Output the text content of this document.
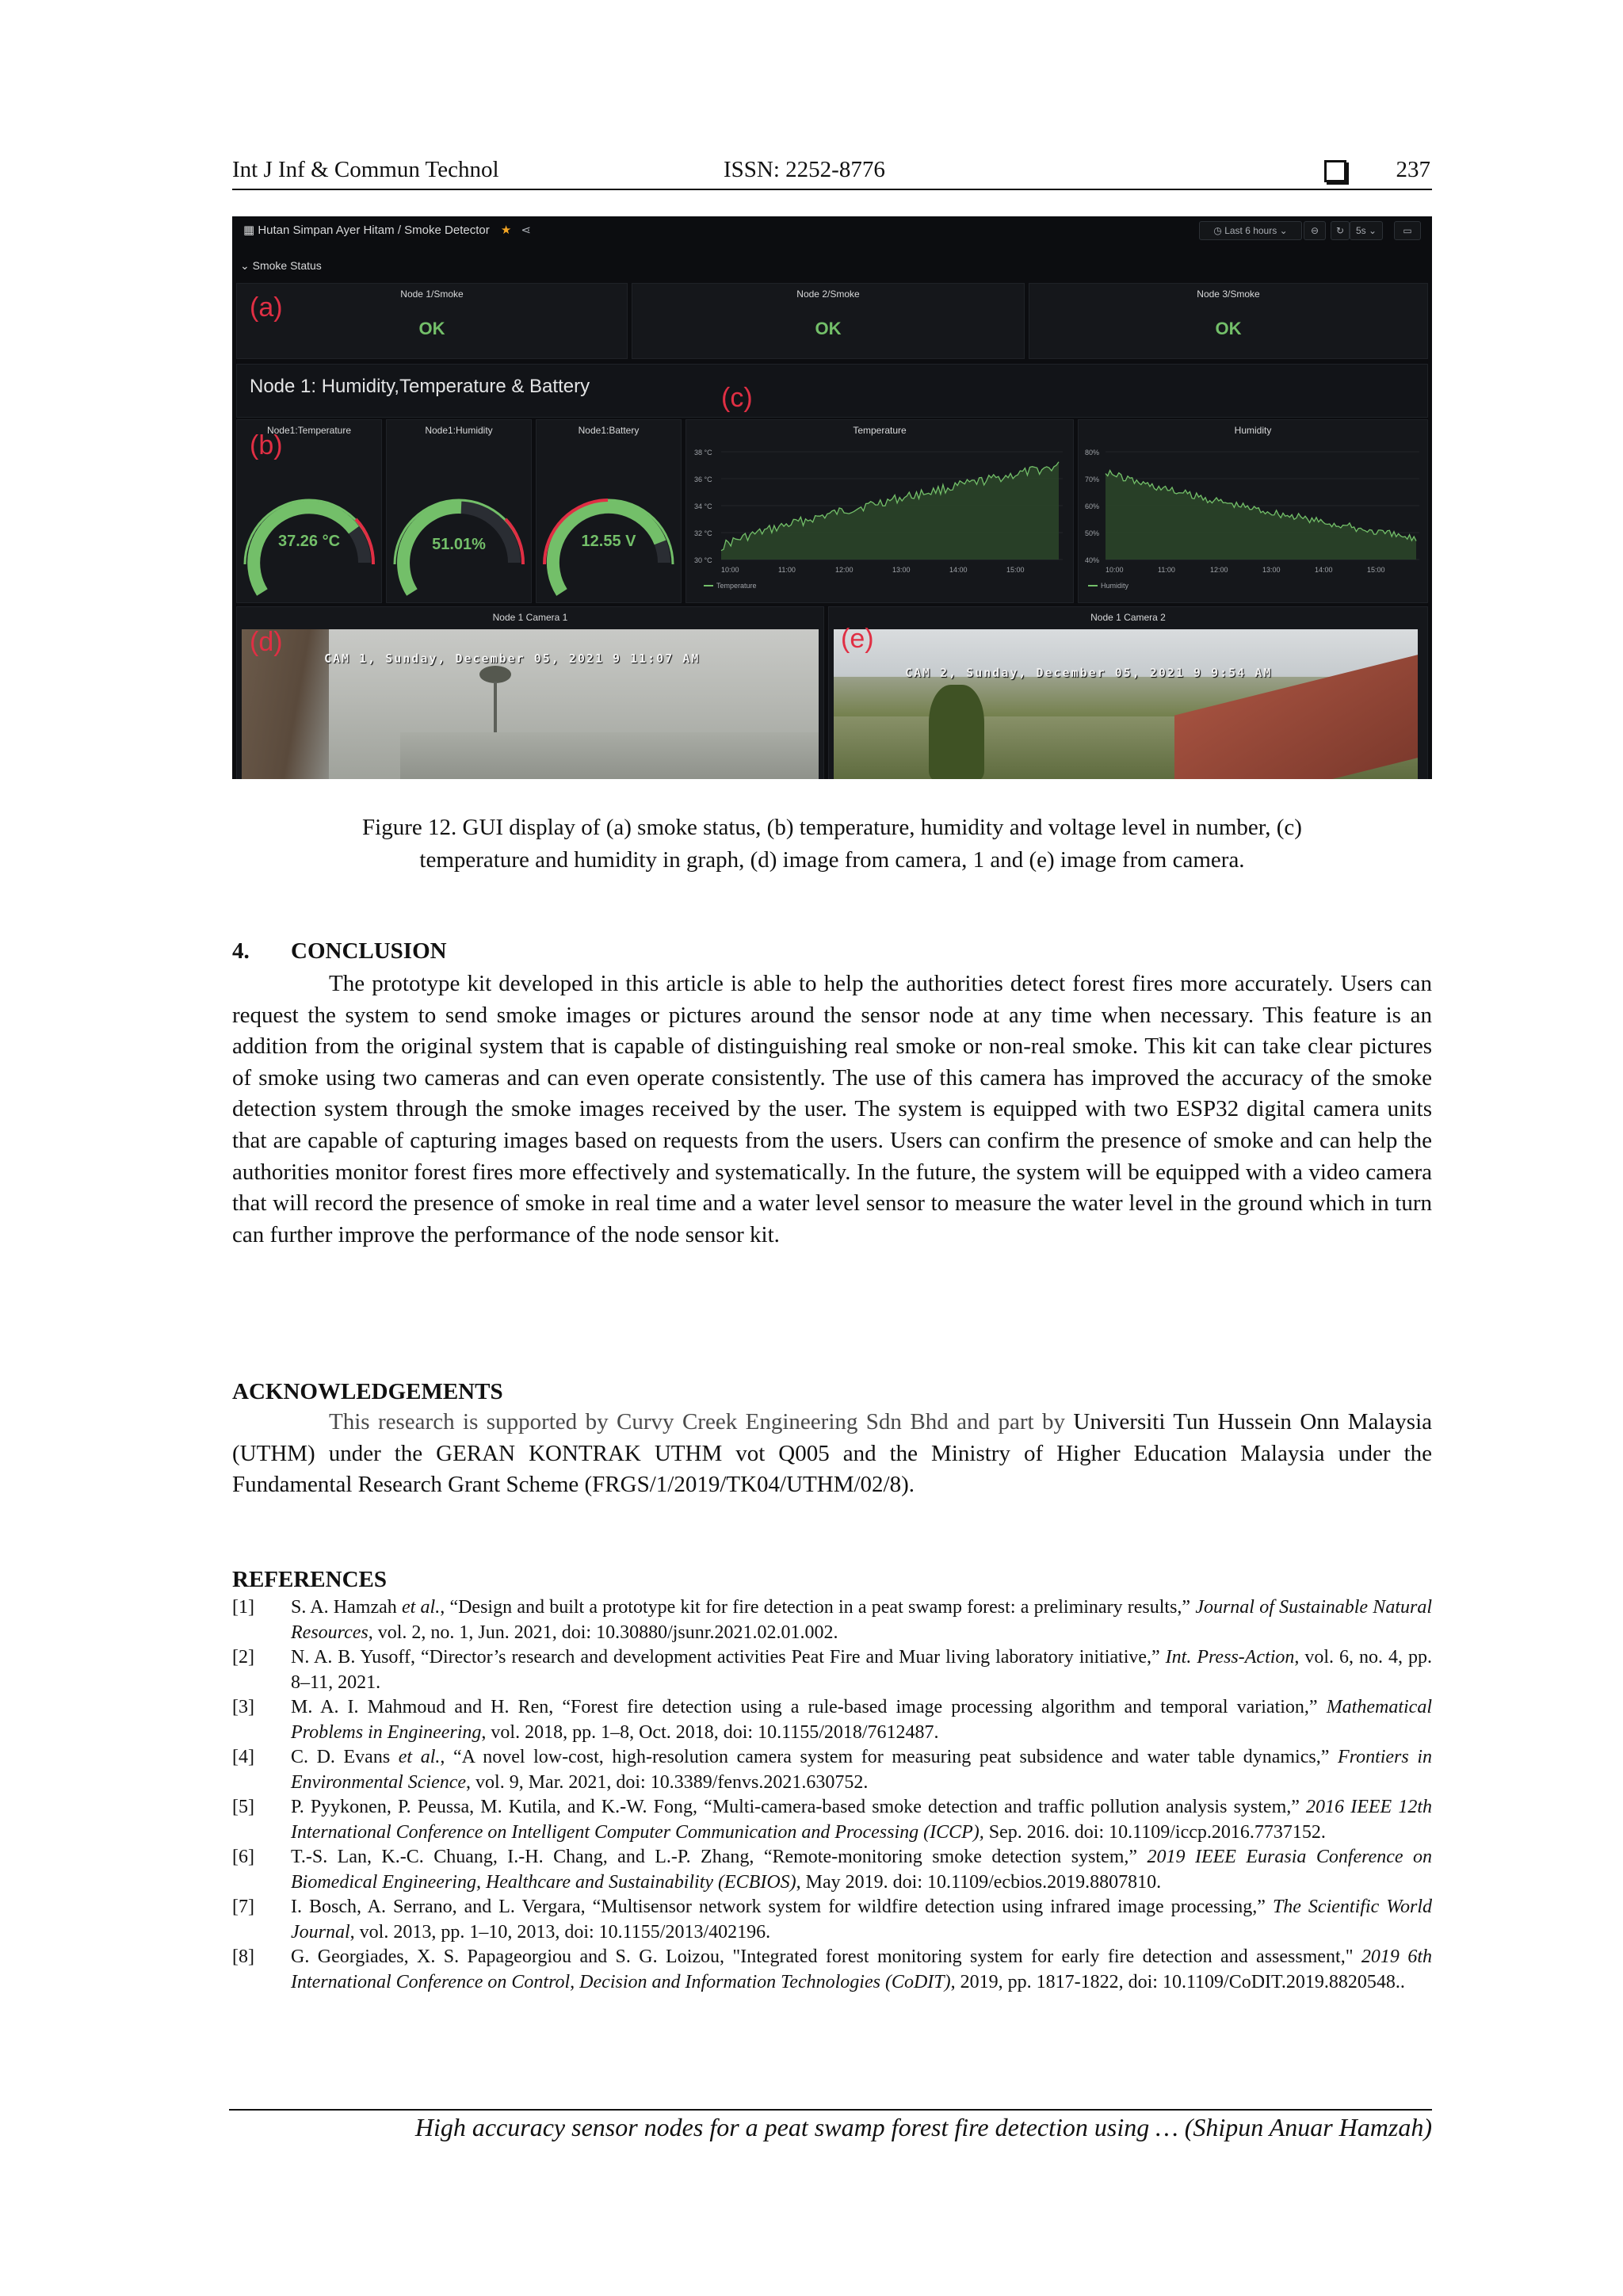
Int J Inf & Commun Technol	ISSN: 2252-8776	237
▦ Hutan Simpan Ayer Hitam / Smoke Detector ★ ⋖	◷ Last 6 hours ⌄	⊖	↻	5s ⌄	▭
⌄ Smoke Status
Node 1/Smoke
OK
Node 2/Smoke
OK
Node 3/Smoke
OK
Node 1: Humidity,Temperature & Battery
Node1:Temperature
37.26 °C
Node1:Humidity
51.01%
Node1:Battery
12.55 V
Temperature
38 °C
36 °C
34 °C
32 °C
30 °C
10:00	11:00	12:00	13:00	14:00	15:00
Temperature
Humidity
80%
70%
60%
50%
40%
10:00	11:00	12:00	13:00	14:00	15:00
Humidity
Node 1 Camera 1
CAM 1, Sunday, December 05, 2021 9 11:07 AM
Node 1 Camera 2
CAM 2, Sunday, December 05, 2021 9 9:54 AM
(a)
(b)
(c)
(d)	(e)
Figure 12. GUI display of (a) smoke status, (b) temperature, humidity and voltage level in number, (c)
temperature and humidity in graph, (d) image from camera, 1 and (e) image from camera.
4. CONCLUSION
The prototype kit developed in this article is able to help the authorities detect forest fires more accurately. Users can request the system to send smoke images or pictures around the sensor node at any time when necessary. This feature is an addition from the original system that is capable of distinguishing real smoke or non-real smoke. This kit can take clear pictures of smoke using two cameras and can even operate consistently. The use of this camera has improved the accuracy of the smoke detection system through the smoke images received by the user. The system is equipped with two ESP32 digital camera units that are capable of capturing images based on requests from the users. Users can confirm the presence of smoke and can help the authorities monitor forest fires more effectively and systematically. In the future, the system will be equipped with a video camera that will record the presence of smoke in real time and a water level sensor to measure the water level in the ground which in turn can further improve the performance of the node sensor kit.
ACKNOWLEDGEMENTS
This research is supported by Curvy Creek Engineering Sdn Bhd and part by Universiti Tun Hussein Onn Malaysia (UTHM) under the GERAN KONTRAK UTHM vot Q005 and the Ministry of Higher Education Malaysia under the Fundamental Research Grant Scheme (FRGS/1/2019/TK04/UTHM/02/8).
REFERENCES
[1] S. A. Hamzah et al., “Design and built a prototype kit for fire detection in a peat swamp forest: a preliminary results,” Journal of Sustainable Natural Resources, vol. 2, no. 1, Jun. 2021, doi: 10.30880/jsunr.2021.02.01.002.
[2] N. A. B. Yusoff, “Director’s research and development activities Peat Fire and Muar living laboratory initiative,” Int. Press-Action, vol. 6, no. 4, pp. 8–11, 2021.
[3] M. A. I. Mahmoud and H. Ren, “Forest fire detection using a rule-based image processing algorithm and temporal variation,” Mathematical Problems in Engineering, vol. 2018, pp. 1–8, Oct. 2018, doi: 10.1155/2018/7612487.
[4] C. D. Evans et al., “A novel low-cost, high-resolution camera system for measuring peat subsidence and water table dynamics,” Frontiers in Environmental Science, vol. 9, Mar. 2021, doi: 10.3389/fenvs.2021.630752.
[5] P. Pyykonen, P. Peussa, M. Kutila, and K.-W. Fong, “Multi-camera-based smoke detection and traffic pollution analysis system,” 2016 IEEE 12th International Conference on Intelligent Computer Communication and Processing (ICCP), Sep. 2016. doi: 10.1109/iccp.2016.7737152.
[6] T.-S. Lan, K.-C. Chuang, I.-H. Chang, and L.-P. Zhang, “Remote-monitoring smoke detection system,” 2019 IEEE Eurasia Conference on Biomedical Engineering, Healthcare and Sustainability (ECBIOS), May 2019. doi: 10.1109/ecbios.2019.8807810.
[7] I. Bosch, A. Serrano, and L. Vergara, “Multisensor network system for wildfire detection using infrared image processing,” The Scientific World Journal, vol. 2013, pp. 1–10, 2013, doi: 10.1155/2013/402196.
[8] G. Georgiades, X. S. Papageorgiou and S. G. Loizou, "Integrated forest monitoring system for early fire detection and assessment," 2019 6th International Conference on Control, Decision and Information Technologies (CoDIT), 2019, pp. 1817-1822, doi: 10.1109/CoDIT.2019.8820548..
High accuracy sensor nodes for a peat swamp forest fire detection using … (Shipun Anuar Hamzah)
